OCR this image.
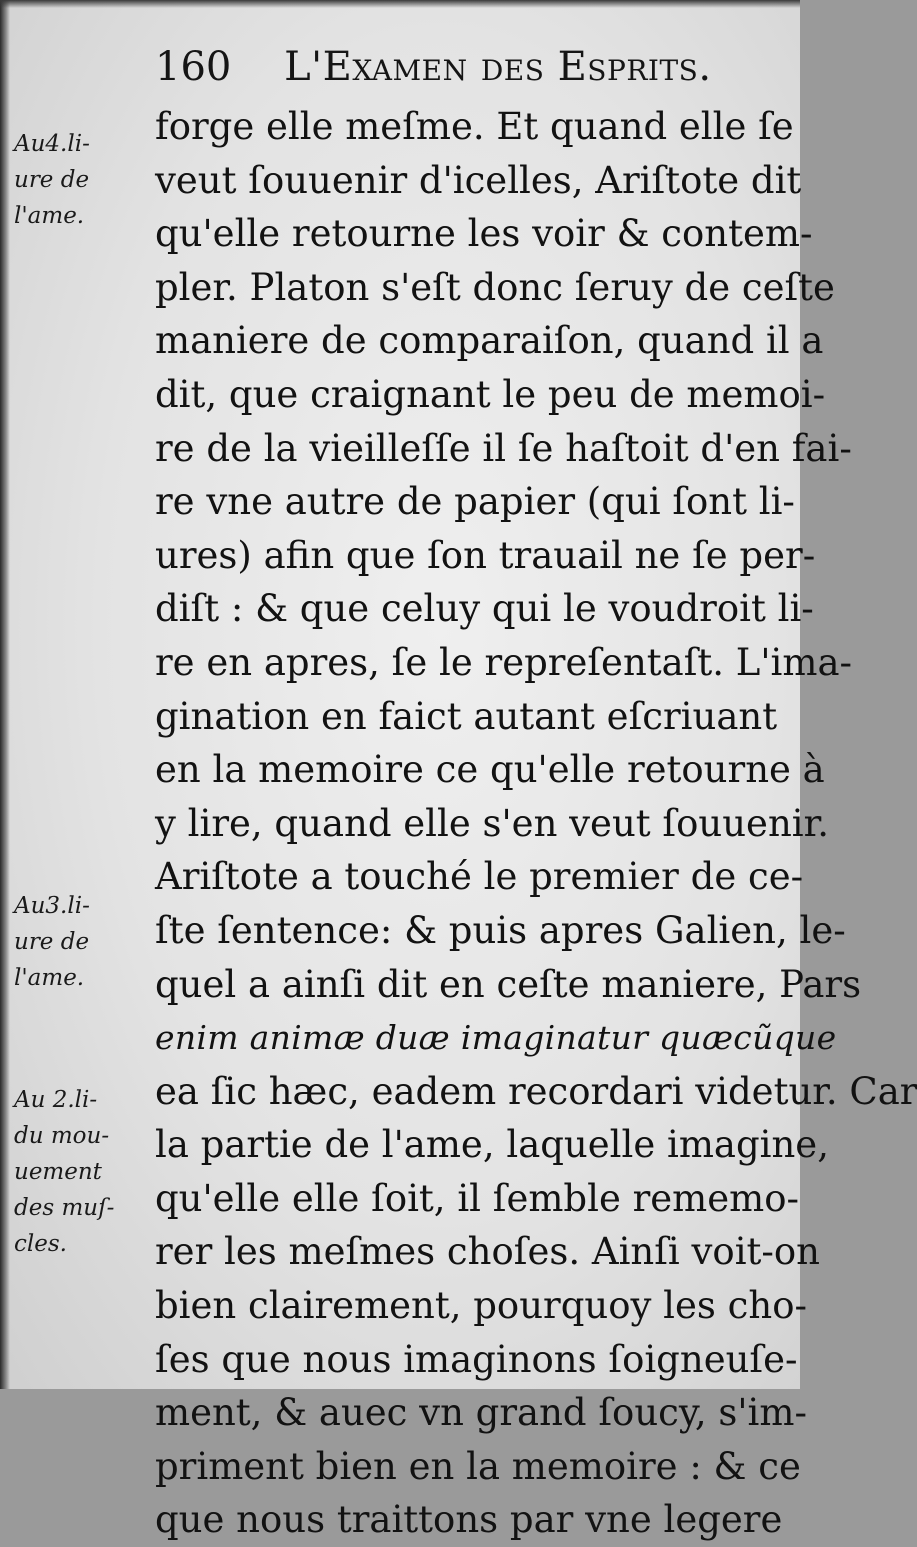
160 L'Examen des Esprits.
Au4.li-
ure de
l'ame.
Au3.li-
ure de
l'ame.
Au 2.li-
du mou-
uement
des muſ-
cles.
forge elle meſme. Et quand elle ſe
veut ſouuenir d'icelles, Ariſtote dit
qu'elle retourne les voir & contem-
pler. Platon s'eſt donc ſeruy de ceſte
maniere de comparaiſon, quand il a
dit, que craignant le peu de memoi-
re de la vieilleſſe il ſe haſtoit d'en fai-
re vne autre de papier (qui ſont li-
ures) afin que ſon trauail ne ſe per-
diſt : & que celuy qui le voudroit li-
re en apres, ſe le repreſentaſt. L'ima-
gination en faict autant eſcriuant
en la memoire ce qu'elle retourne à
y lire, quand elle s'en veut ſouuenir.
Ariſtote a touché le premier de ce-
ſte ſentence: & puis apres Galien, le-
quel a ainſi dit en ceſte maniere, Pars
enim animæ duæ imaginatur quæcũque
ea ſic hæc, eadem recordari videtur. Car
la partie de l'ame, laquelle imagine,
qu'elle elle ſoit, il ſemble rememo-
rer les meſmes choſes. Ainſi voit-on
bien clairement, pourquoy les cho-
ſes que nous imaginons ſoigneuſe-
ment, & auec vn grand ſoucy, s'im-
priment bien en la memoire : & ce
que nous traittons par vne legere
